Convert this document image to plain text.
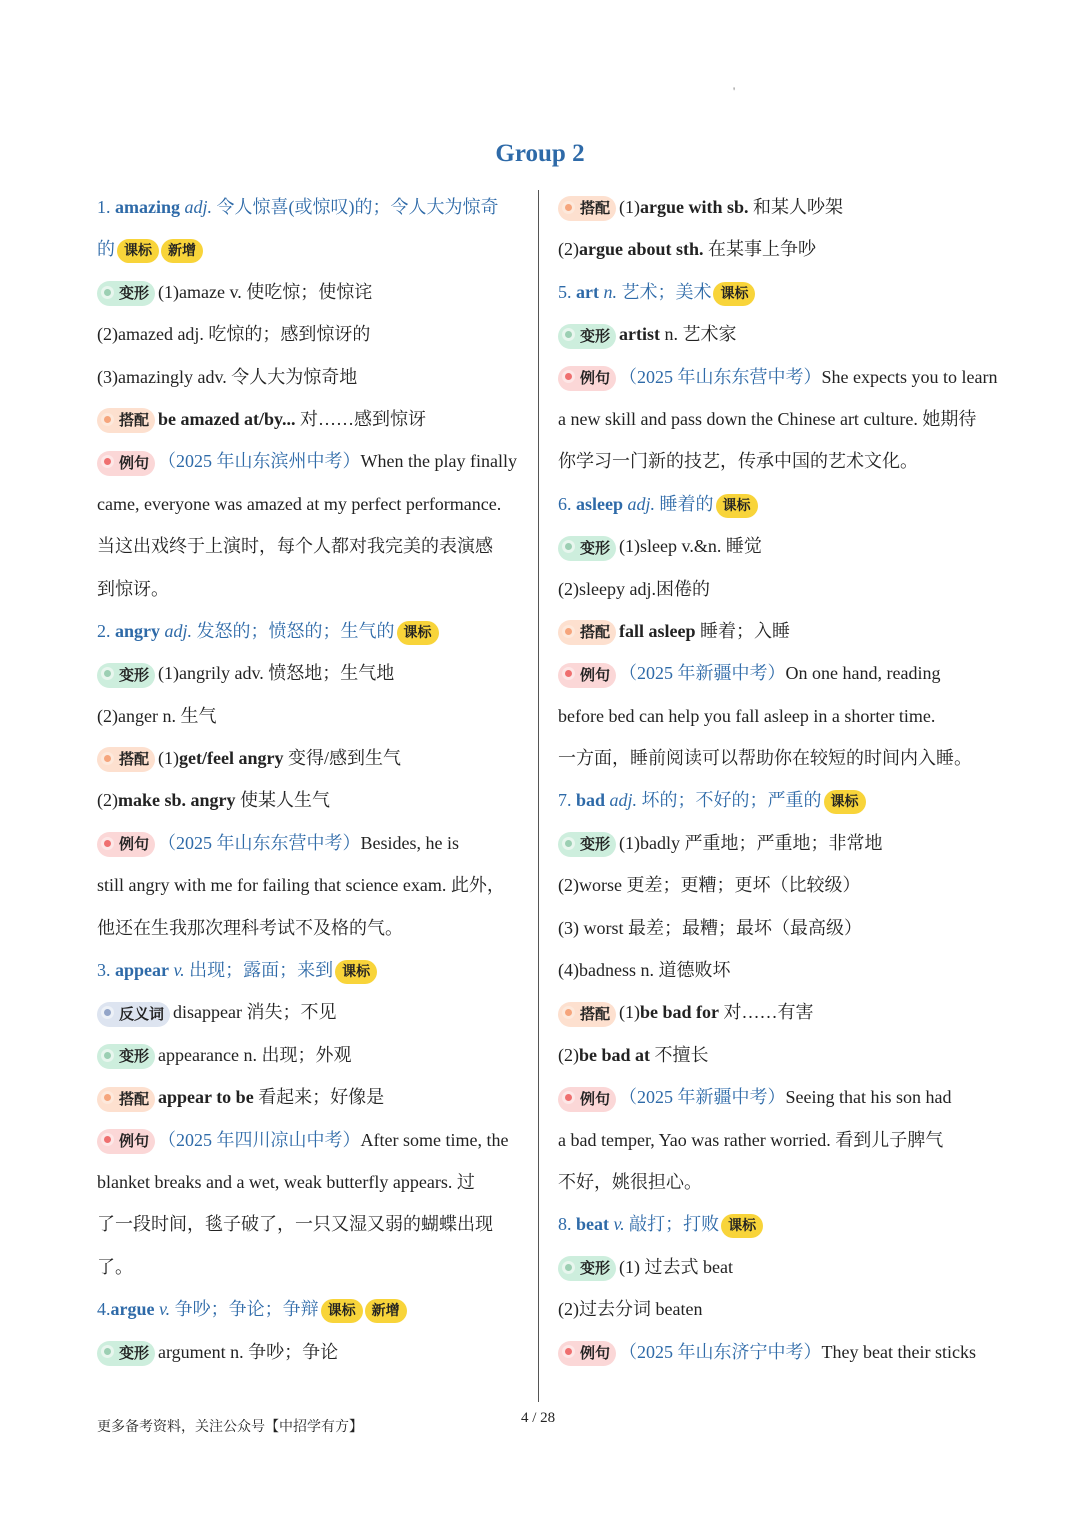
'
Group 2
1. amazing adj. 令人惊喜(或惊叹)的；令人大为惊奇
的 课标 新增
变形 (1)amaze v. 使吃惊；使惊诧
(2)amazed adj. 吃惊的；感到惊讶的
(3)amazingly adv. 令人大为惊奇地
搭配 be amazed at/by... 对……感到惊讶
例句 （2025 年山东滨州中考）When the play finally
came, everyone was amazed at my perfect performance.
当这出戏终于上演时，每个人都对我完美的表演感
到惊讶。
2. angry adj. 发怒的；愤怒的；生气的 课标
变形 (1)angrily adv. 愤怒地；生气地
(2)anger n. 生气
搭配 (1)get/feel angry 变得/感到生气
(2)make sb. angry 使某人生气
例句 （2025 年山东东营中考）Besides, he is
still angry with me for failing that science exam. 此外，
他还在生我那次理科考试不及格的气。
3. appear v. 出现；露面；来到 课标
反义词 disappear 消失；不见
变形 appearance n. 出现；外观
搭配 appear to be 看起来；好像是
例句 （2025 年四川凉山中考）After some time, the
blanket breaks and a wet, weak butterfly appears. 过
了一段时间，毯子破了，一只又湿又弱的蝴蝶出现
了。
4.argue v. 争吵；争论；争辩 课标 新增
变形 argument n. 争吵；争论
搭配 (1)argue with sb. 和某人吵架
(2)argue about sth. 在某事上争吵
5. art n. 艺术；美术 课标
变形 artist n. 艺术家
例句 （2025 年山东东营中考）She expects you to learn
a new skill and pass down the Chinese art culture. 她期待
你学习一门新的技艺，传承中国的艺术文化。
6. asleep adj. 睡着的 课标
变形 (1)sleep v.&n. 睡觉
(2)sleepy adj.困倦的
搭配 fall asleep 睡着；入睡
例句 （2025 年新疆中考）On one hand, reading
before bed can help you fall asleep in a shorter time.
一方面，睡前阅读可以帮助你在较短的时间内入睡。
7. bad adj. 坏的；不好的；严重的 课标
变形 (1)badly 严重地；严重地；非常地
(2)worse 更差；更糟；更坏（比较级）
(3) worst 最差；最糟；最坏（最高级）
(4)badness n. 道德败坏
搭配 (1)be bad for 对……有害
(2)be bad at 不擅长
例句 （2025 年新疆中考）Seeing that his son had
a bad temper, Yao was rather worried. 看到儿子脾气
不好，姚很担心。
8. beat v. 敲打；打败 课标
变形 (1) 过去式 beat
(2)过去分词 beaten
例句 （2025 年山东济宁中考）They beat their sticks
更多备考资料，关注公众号【中招学有方】
4 / 28
